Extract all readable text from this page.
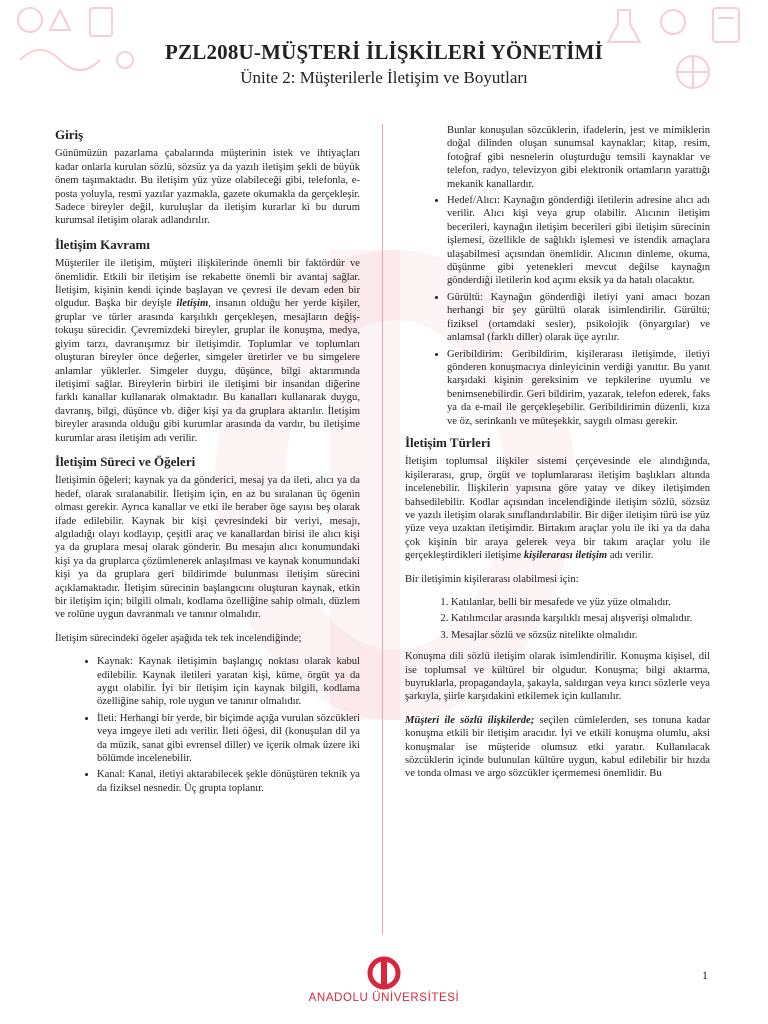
PZL208U-MÜŞTERİ İLİŞKİLERİ YÖNETİMİ
Ünite 2: Müşterilerle İletişim ve Boyutları
Giriş

Günümüzün pazarlama çabalarında müşterinin istek ve ihtiyaçları kadar onlarla kurulan sözlü, sözsüz ya da yazılı iletişim şekli de büyük önem taşımaktadır. Bu iletişim yüz yüze olabileceği gibi, telefonla, e-posta yoluyla, resmi yazılar yazmakla, gazete okumakla da gerçekleşir. Sadece bireyler değil, kuruluşlar da iletişim kurarlar ki bu durum kurumsal iletişim olarak adlandırılır.

İletişim Kavramı

Müşteriler ile iletişim, müşteri ilişkilerinde önemli bir faktördür ve önemlidir. Etkili bir iletişim ise rekabette önemli bir avantaj sağlar. İletişim, kişinin kendi içinde başlayan ve çevresi ile devam eden bir olgudur. Başka bir deyişle iletişim, insanın olduğu her yerde kişiler, gruplar ve türler arasında karşılıklı gerçekleşen, mesajların değiş-tokuşu sürecidir. Çevremizdeki bireyler, gruplar ile konuşma, medya, giyim tarzı, davranışımız bir iletişimdir. Toplumlar ve toplumları oluşturan bireyler önce değerler, simgeler üretirler ve bu simgelere anlamlar yüklerler. Simgeler duygu, düşünce, bilgi aktarımında iletişimi sağlar. Bireylerin birbiri ile iletişimi bir insandan diğerine farklı kanallar kullanarak olmaktadır. Bu kanalları kullanarak duygu, davranış, bilgi, düşünce vb. diğer kişi ya da gruplara aktarılır. İletişim bireyler arasında olduğu gibi kurumlar arasında da vardır, bu iletişime kurumlar arası iletişim adı verilir.

İletişim Süreci ve Öğeleri

İletişimin öğeleri; kaynak ya da gönderici, mesaj ya da ileti, alıcı ya da hedef, olarak sıralanabilir. İletişim için, en az bu sıralanan üç ögenin olması gerekir. Ayrıca kanallar ve etki ile beraber öge sayısı beş olarak ifade edilebilir. Kaynak bir kişi çevresindeki bir veriyi, mesajı, algıladığı olayı kodlayıp, çeşitli araç ve kanallardan birisi ile alıcı kişi ya da gruplara mesaj olarak gönderir. Bu mesajın alıcı konumundaki kişi ya da gruplarca çözümlenerek anlaşılması ve kaynak konumundaki kişi ya da gruplara geri bildirimde bulunması iletişim sürecini açıklamaktadır. İletişim sürecinin başlangıcını oluşturan kaynak, etkin bir iletişim için; bilgili olmalı, kodlama özelliğine sahip olmalı, düzlem ve rolüne uygun davranmalı ve tanınır olmalıdır.

İletişim sürecindeki ögeler aşağıda tek tek incelendiğinde;

• Kaynak: Kaynak iletişimin başlangıç noktası olarak kabul edilebilir. Kaynak iletileri yaratan kişi, küme, örgüt ya da aygıt olabilir. İyi bir iletişim için kaynak bilgili, kodlama özelliğine sahip, role uygun ve tanınır olmalıdır.
• İleti: Herhangi bir yerde, bir biçimde açığa vurulan sözcükleri veya imgeye ileti adı verilir. İleti öğesi, dil (konuşulan dil ya da müzik, sanat gibi evrensel diller) ve içerik olmak üzere iki bölümde incelenebilir.
• Kanal: Kanal, iletiyi aktarabilecek şekle dönüştüren teknik ya da fiziksel nesnedir. Üç grupta toplanır.

Bunlar konuşulan sözcüklerin, ifadelerin, jest ve mimiklerin doğal dilinden oluşan sunumsal kaynaklar; kitap, resim, fotoğraf gibi nesnelerin oluşturduğu temsili kaynaklar ve telefon, radyo, televizyon gibi elektronik ortamların yarattığı mekanik kanallardır.

• Hedef/Alıcı: Kaynağın gönderdiği iletilerin adresine alıcı adı verilir. Alıcı kişi veya grup olabilir. Alıcının iletişim becerileri, kaynağın iletişim becerileri gibi iletişim sürecinin işlemesi, özellikle de sağlıklı işlemesi ve istendik amaçlara ulaşabilmesi açısından önemlidir. Alıcının dinleme, okuma, düşünme gibi yetenekleri mevcut değilse kaynağın gönderdiği iletilerin kod açımı eksik ya da hatalı olacaktır.
• Gürültü: Kaynağın gönderdiği iletiyi yani amacı bozan herhangi bir şey gürültü olarak isimlendirilir. Gürültü; fiziksel (ortamdaki sesler), psikolojik (önyargılar) ve anlamsal (farklı diller) olarak üçe ayrılır.
• Geribildirim: Geribildirim, kişilerarası iletişimde, iletiyi gönderen konuşmacıya dinleyicinin verdiği yanıttır. Bu yanıt karşıdaki kişinin gereksinim ve tepkilerine uyumlu ve benimsenebilirdir. Geri bildirim, yazarak, telefon ederek, faks ya da e-mail ile gerçekleşebilir. Geribildirimin düzenli, kıza ve öz, serinkanlı ve müteşekkir, saygılı olması gerekir.
İletişim Türleri

İletişim toplumsal ilişkiler sistemi çerçevesinde ele alındığında, kişilerarası, grup, örgüt ve toplumlararası iletişim başlıkları altında incelenebilir. İlişkilerin yapısına göre yatay ve dikey iletişimden bahsedilebilir. Kodlar açısından incelendiğinde iletişim sözlü, sözsüz ve yazılı iletişim olarak sınıflandırılabilir. Bir diğer iletişim türü ise yüz yüze veya uzaktan iletişimdir. Birtakım araçlar yolu ile iki ya da daha çok kişinin bir araya gelerek veya bir takım araçlar yolu ile gerçekleştirdikleri iletişime kişilerarası iletişim adı verilir.

Bir iletişimin kişilerarası olabilmesi için:

1. Katılanlar, belli bir mesafede ve yüz yüze olmalıdır.
2. Katılımcılar arasında karşılıklı mesaj alışverişi olmalıdır.
3. Mesajlar sözlü ve sözsüz nitelikte olmalıdır.

Konuşma dili sözlü iletişim olarak isimlendirilir. Konuşma kişisel, dil ise toplumsal ve kültürel bir olgudur. Konuşma; bilgi aktarma, buyruklarla, propagandayla, şakayla, saldırgan veya kırıcı sözlerle veya şarkıyla, şiirle karşıdakini etkilemek için kullanılır.

Müşteri ile sözlü ilişkilerde; seçilen cümlelerden, ses tonuna kadar konuşma etkili bir iletişim aracıdır. İyi ve etkili konuşma olumlu, aksi konuşmalar ise müşteride olumsuz etki yaratır. Kullanılacak sözcüklerin içinde bulunulan kültüre uygun, kabul edilebilir bir hızda ve tonda olması ve argo sözcükler içermemesi önemlidir. Bu

1
ANADOLU ÜNİVERSİTESİ
